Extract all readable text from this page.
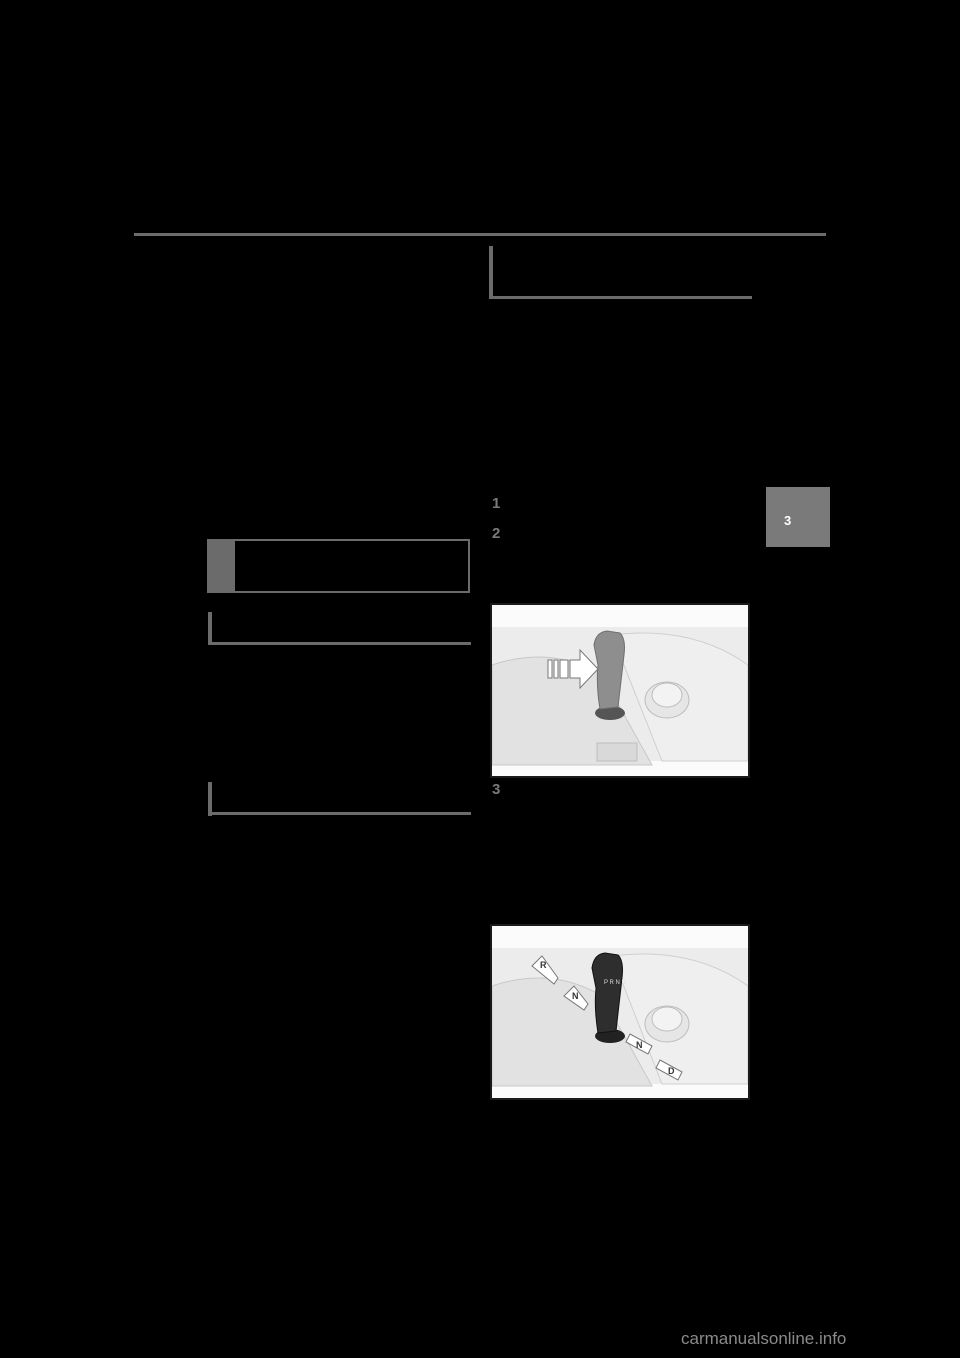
3
1
2
3
P R N D
R
N
N
D
carmanualsonline.info
